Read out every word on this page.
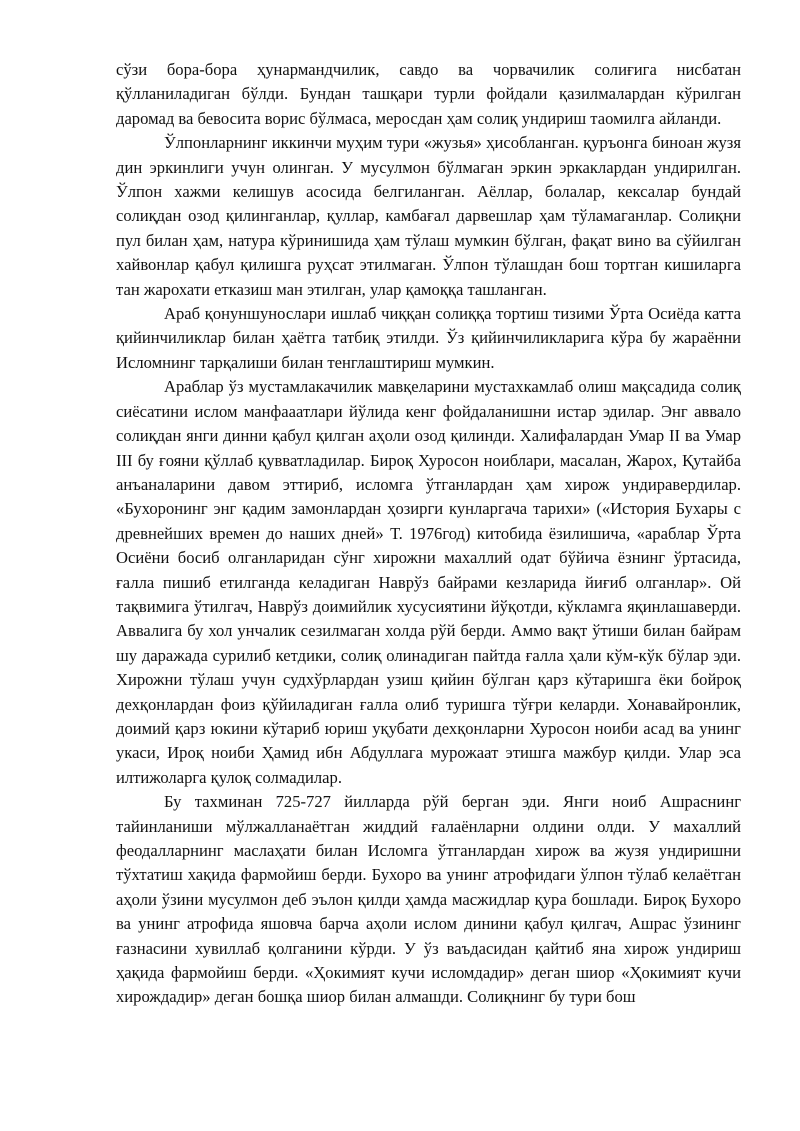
сўзи бора-бора ҳунармандчилик, савдо ва чорвачилик солиғига нисбатан қўлланиладиган бўлди. Бундан ташқари турли фойдали қазилмалардан кўрилган даромад ва бевосита ворис бўлмаса, меросдан ҳам солиқ ундириш таомилга айланди.

Ўлпонларнинг иккинчи муҳим тури «жузья» ҳисобланган. қуръонга биноан жузя дин эркинлиги учун олинган. У мусулмон бўлмаган эркин эркаклардан ундирилган. Ўлпон хажми келишув асосида белгиланган. Аёллар, болалар, кексалар бундай солиқдан озод қилинганлар, қуллар, камбағал дарвешлар ҳам тўламаганлар. Солиқни пул билан ҳам, натура кўринишида ҳам тўлаш мумкин бўлган, фақат вино ва сўйилган хайвонлар қабул қилишга руҳсат этилмаган. Ўлпон тўлашдан бош тортган кишиларга тан жарохати етказиш ман этилган, улар қамоққа ташланган.

Араб қонуншунослари ишлаб чиққан солиққа тортиш тизими Ўрта Осиёда катта қийинчиликлар билан ҳаётга татбиқ этилди. Ўз қийинчиликларига кўра бу жараённи Исломнинг тарқалиши билан тенглаштириш мумкин.

Араблар ўз мустамлакачилик мавқеларини мустахкамлаб олиш мақсадида солиқ сиёсатини ислом манфааатлари йўлида кенг фойдаланишни истар эдилар. Энг аввало солиқдан янги динни қабул қилган аҳоли озод қилинди. Халифалардан Умар II ва Умар III бу ғояни қўллаб қувватладилар. Бироқ Хуросон ноиблари, масалан, Жарох, Қутайба анъаналарини давом эттириб, исломга ўтганлардан ҳам хирож ундиравердилар. «Бухоронинг энг қадим замонлардан ҳозирги кунларгача тарихи» («История Бухары с древнейших времен до наших дней» Т. 1976год) китобида ёзилишича, «араблар Ўрта Осиёни босиб олганларидан сўнг хирожни махаллий одат бўйича ёзнинг ўртасида, ғалла пишиб етилганда келадиган Наврўз байрами кезларида йиғиб олганлар». Ой тақвимига ўтилгач, Наврўз доимийлик хусусиятини йўқотди, кўкламга яқинлашаверди. Аввалига бу хол унчалик сезилмаган холда рўй берди. Аммо вақт ўтиши билан байрам шу даражада сурилиб кетдики, солиқ олинадиган пайтда ғалла ҳали кўм-кўк бўлар эди. Хирожни тўлаш учун судхўрлардан узиш қийин бўлган қарз кўтаришга ёки бойроқ дехқонлардан фоиз қўйиладиган ғалла олиб туришга тўғри келарди. Хонавайронлик, доимий қарз юкини кўтариб юриш уқубати дехқонларни Хуросон ноиби асад ва унинг укаси, Ироқ ноиби Ҳамид ибн Абдуллага мурожаат этишга мажбур қилди. Улар эса илтижоларга қулоқ солмадилар.

Бу тахминан 725-727 йилларда рўй берган эди. Янги ноиб Ашраснинг тайинланиши мўлжалланаётган жиддий ғалаёнларни олдини олди. У махаллий феодалларнинг маслаҳати билан Исломга ўтганлардан хирож ва жузя ундиришни тўхтатиш хақида фармойиш берди. Бухоро ва унинг атрофидаги ўлпон тўлаб келаётган аҳоли ўзини мусулмон деб эълон қилди ҳамда масжидлар қура бошлади. Бироқ Бухоро ва унинг атрофида яшовча барча аҳоли ислом динини қабул қилгач, Ашрас ўзининг ғазнасини хувиллаб қолганини кўрди. У ўз ваъдасидан қайтиб яна хирож ундириш ҳақида фармойиш берди. «Ҳокимият кучи исломдадир» деган шиор «Ҳокимият кучи хирождадир» деган бошқа шиор билан алмашди. Солиқнинг бу тури бош
